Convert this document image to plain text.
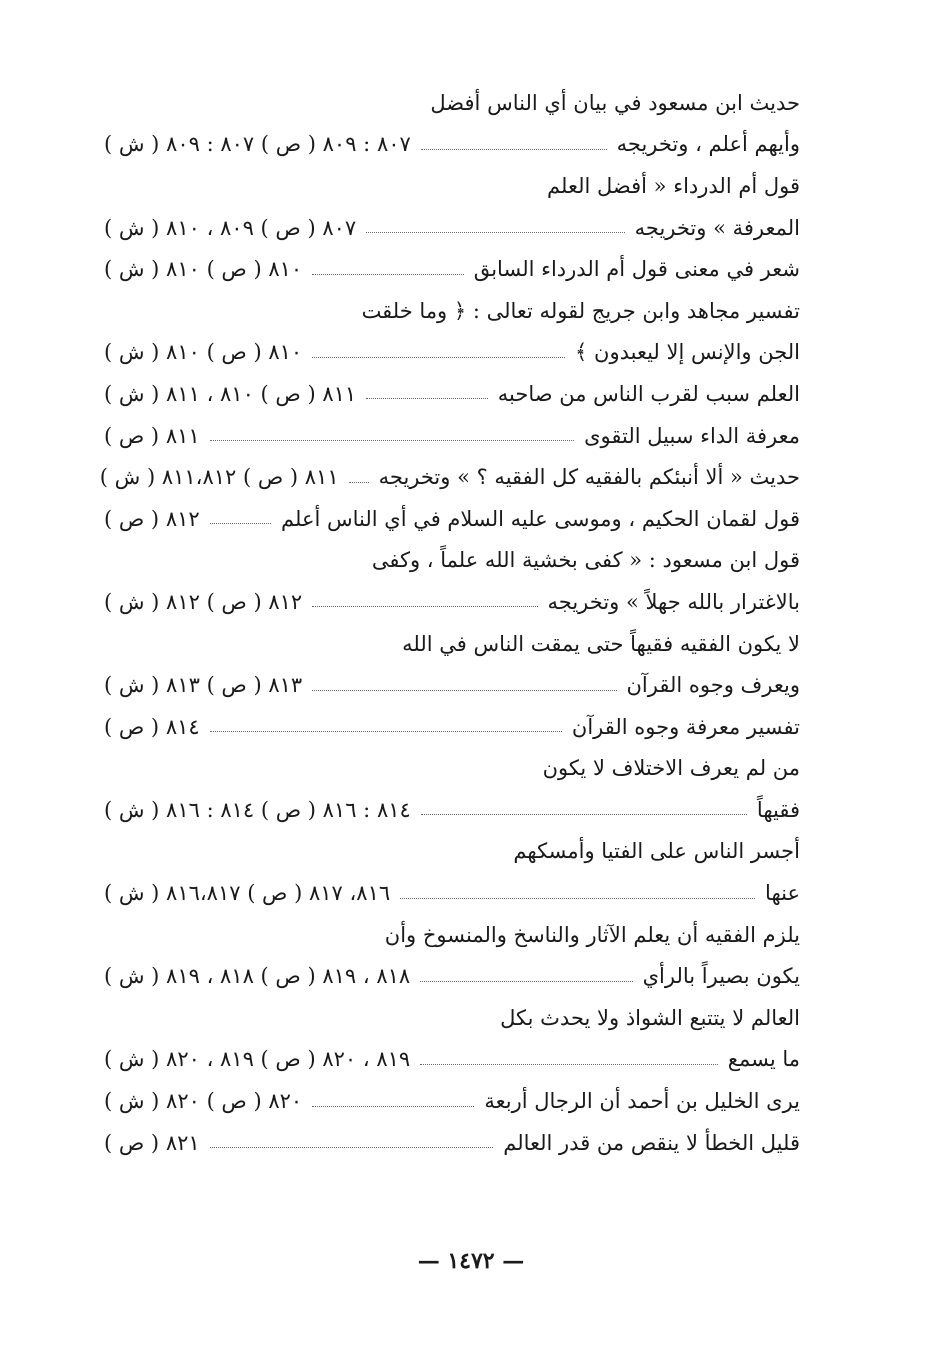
حديث ابن مسعود في بيان أي الناس أفضل
وأيهم أعلم ، وتخريجه
٨٠٧ : ٨٠٩ ( ص ) ٨٠٧ : ٨٠٩ ( ش )
قول أم الدرداء « أفضل العلم
المعرفة » وتخريجه
٨٠٧ ( ص ) ٨٠٩ ، ٨١٠ ( ش )
شعر في معنى قول أم الدرداء السابق
٨١٠ ( ص ) ٨١٠ ( ش )
تفسير مجاهد وابن جريج لقوله تعالى : ﴿ وما خلقت
الجن والإنس إلا ليعبدون ﴾
٨١٠ ( ص ) ٨١٠ ( ش )
العلم سبب لقرب الناس من صاحبه
٨١١ ( ص ) ٨١٠ ، ٨١١ ( ش )
معرفة الداء سبيل التقوى
٨١١ ( ص )
حديث « ألا أنبئكم بالفقيه كل الفقيه ؟ » وتخريجه
٨١١ ( ص ) ٨١١،٨١٢ ( ش )
قول لقمان الحكيم ، وموسى عليه السلام في أي الناس أعلم
٨١٢ ( ص )
قول ابن مسعود : « كفى بخشية الله علماً ، وكفى
بالاغترار بالله جهلاً » وتخريجه
٨١٢ ( ص ) ٨١٢ ( ش )
لا يكون الفقيه فقيهاً حتى يمقت الناس في الله
ويعرف وجوه القرآن
٨١٣ ( ص ) ٨١٣ ( ش )
تفسير معرفة وجوه القرآن
٨١٤ ( ص )
من لم يعرف الاختلاف لا يكون
فقيهاً
٨١٤ : ٨١٦ ( ص ) ٨١٤ : ٨١٦ ( ش )
أجسر الناس على الفتيا وأمسكهم
عنها
٨١٦، ٨١٧ ( ص ) ٨١٦،٨١٧ ( ش )
يلزم الفقيه أن يعلم الآثار والناسخ والمنسوخ وأن
يكون بصيراً بالرأي
٨١٨ ، ٨١٩ ( ص ) ٨١٨ ، ٨١٩ ( ش )
العالم لا يتتبع الشواذ ولا يحدث بكل
ما يسمع
٨١٩ ، ٨٢٠ ( ص ) ٨١٩ ، ٨٢٠ ( ش )
يرى الخليل بن أحمد أن الرجال أربعة
٨٢٠ ( ص ) ٨٢٠ ( ش )
قليل الخطأ لا ينقص من قدر العالم
٨٢١ ( ص )
— ١٤٧٢ —
